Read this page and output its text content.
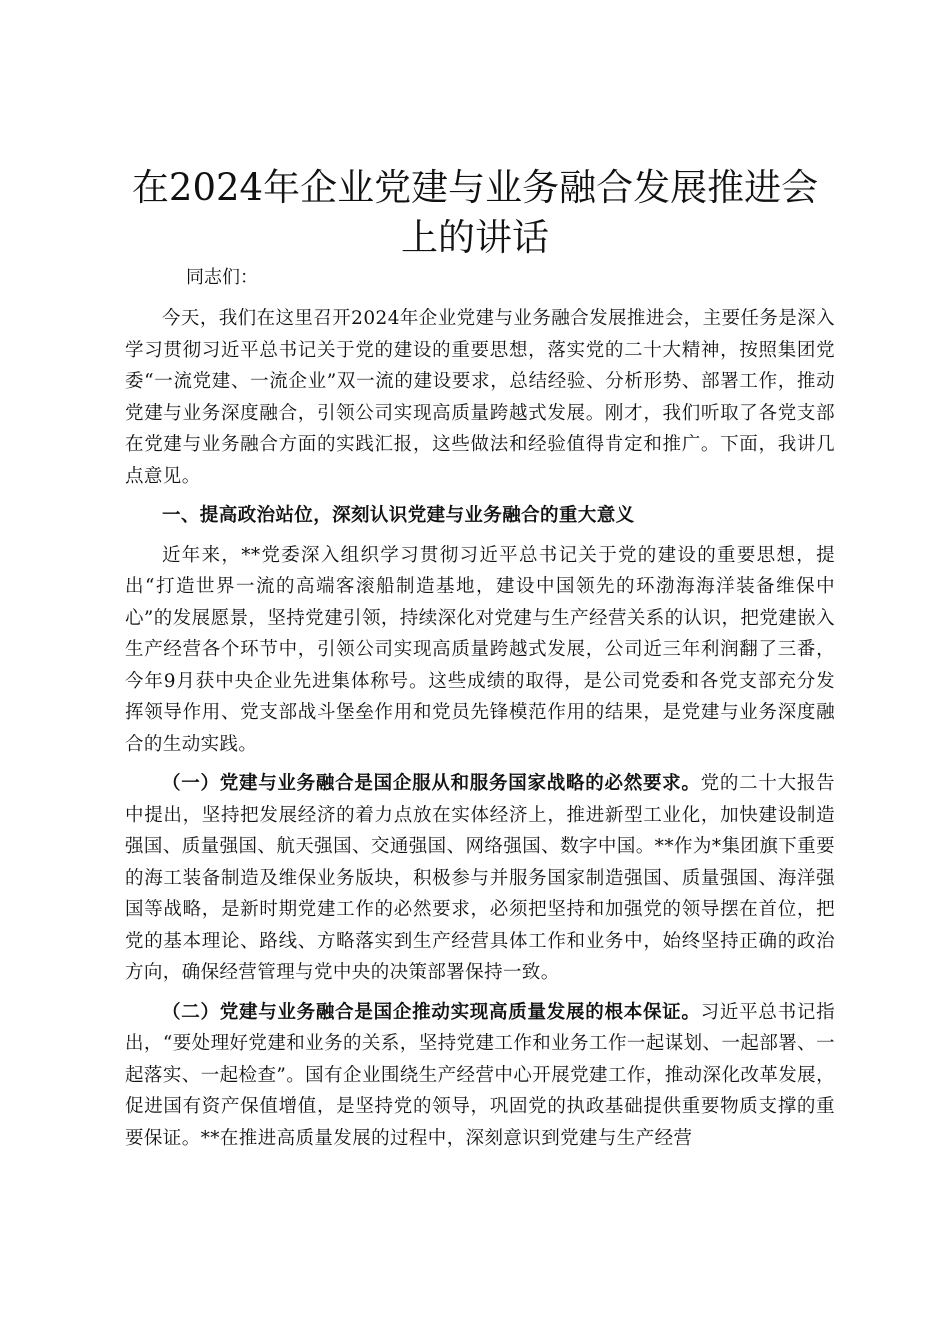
在2024年企业党建与业务融合发展推进会上的讲话

同志们：

今天，我们在这里召开2024年企业党建与业务融合发展推进会，主要任务是深入学习贯彻习近平总书记关于党的建设的重要思想，落实党的二十大精神，按照集团党委“一流党建、一流企业”双一流的建设要求，总结经验、分析形势、部署工作，推动党建与业务深度融合，引领公司实现高质量跨越式发展。刚才，我们听取了各党支部在党建与业务融合方面的实践汇报，这些做法和经验值得肯定和推广。下面，我讲几点意见。

一、提高政治站位，深刻认识党建与业务融合的重大意义

近年来，**党委深入组织学习贯彻习近平总书记关于党的建设的重要思想，提出“打造世界一流的高端客滚船制造基地，建设中国领先的环渤海海洋装备维保中心”的发展愿景，坚持党建引领，持续深化对党建与生产经营关系的认识，把党建嵌入生产经营各个环节中，引领公司实现高质量跨越式发展，公司近三年利润翻了三番，今年9月获中央企业先进集体称号。这些成绩的取得，是公司党委和各党支部充分发挥领导作用、党支部战斗堡垒作用和党员先锋模范作用的结果，是党建与业务深度融合的生动实践。

（一）党建与业务融合是国企服从和服务国家战略的必然要求。党的二十大报告中提出，坚持把发展经济的着力点放在实体经济上，推进新型工业化，加快建设制造强国、质量强国、航天强国、交通强国、网络强国、数字中国。**作为*集团旗下重要的海工装备制造及维保业务版块，积极参与并服务国家制造强国、质量强国、海洋强国等战略，是新时期党建工作的必然要求，必须把坚持和加强党的领导摆在首位，把党的基本理论、路线、方略落实到生产经营具体工作和业务中，始终坚持正确的政治方向，确保经营管理与党中央的决策部署保持一致。

（二）党建与业务融合是国企推动实现高质量发展的根本保证。习近平总书记指出，“要处理好党建和业务的关系，坚持党建工作和业务工作一起谋划、一起部署、一起落实、一起检查”。国有企业围绕生产经营中心开展党建工作，推动深化改革发展，促进国有资产保值增值，是坚持党的领导，巩固党的执政基础提供重要物质支撑的重要保证。**在推进高质量发展的过程中，深刻意识到党建与生产经营
